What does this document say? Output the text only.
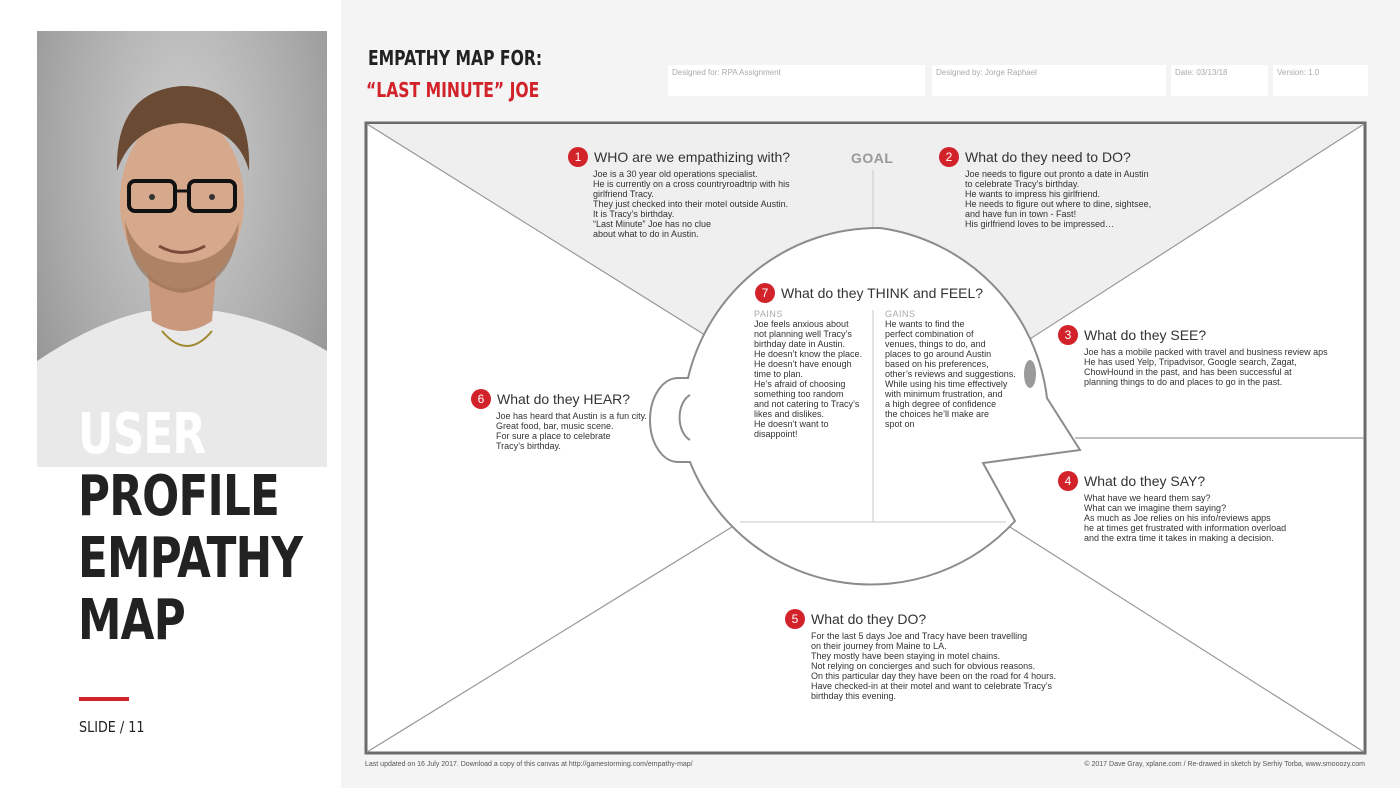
USER
PROFILE
EMPATHY
MAP
SLIDE / 11
EMPATHY MAP FOR:
“LAST MINUTE” JOE
Designed for: RPA Assignment	Designed by: Jorge Raphael	Date: 03/13/18	Version: 1.0
GOAL
1 WHO are we empathizing with?
Joe is a 30 year old operations specialist.
He is currently on a cross countryroadtrip with his
girlfriend Tracy.
They just checked into their motel outside Austin.
It is Tracy’s birthday.
“Last Minute” Joe has no clue
about what to do in Austin.
2 What do they need to DO?
Joe needs to figure out pronto a date in Austin
to celebrate Tracy’s birthday.
He wants to impress his girlfriend.
He needs to figure out where to dine, sightsee,
and have fun in town - Fast!
His girlfriend loves to be impressed…
7 What do they THINK and FEEL?
PAINS
Joe feels anxious about
not planning well Tracy’s
birthday date in Austin.
He doesn’t know the place.
He doesn’t have enough
time to plan.
He’s afraid of choosing
something too random
and not catering to Tracy’s
likes and dislikes.
He doesn’t want to
disappoint!
GAINS
He wants to find the
perfect combination of
venues, things to do, and
places to go around Austin
based on his preferences,
other’s reviews and suggestions.
While using his time effectively
with minimum frustration, and
a high degree of confidence
the choices he’ll make are
spot on
3 What do they SEE?
Joe has a mobile packed with travel and business review aps
He has used Yelp, Tripadvisor, Google search, Zagat,
ChowHound in the past, and has been successful at
planning things to do and places to go in the past.
6 What do they HEAR?
Joe has heard that Austin is a fun city.
Great food, bar, music scene.
For sure a place to celebrate
Tracy’s birthday.
4 What do they SAY?
What have we heard them say?
What can we imagine them saying?
As much as Joe relies on his info/reviews apps
he at times get frustrated with information overload
and the extra time it takes in making a decision.
5 What do they DO?
For the last 5 days Joe and Tracy have been travelling
on their journey from Maine to LA.
They mostly have been staying in motel chains.
Not relying on concierges and such for obvious reasons.
On this particular day they have been on the road for 4 hours.
Have checked-in at their motel and want to celebrate Tracy’s
birthday this evening.
Last updated on 16 July 2017. Download a copy of this canvas at http://gamestorming.com/empathy-map/	© 2017 Dave Gray, xplane.com / Re-drawed in sketch by Serhiy Torba, www.smooozy.com
